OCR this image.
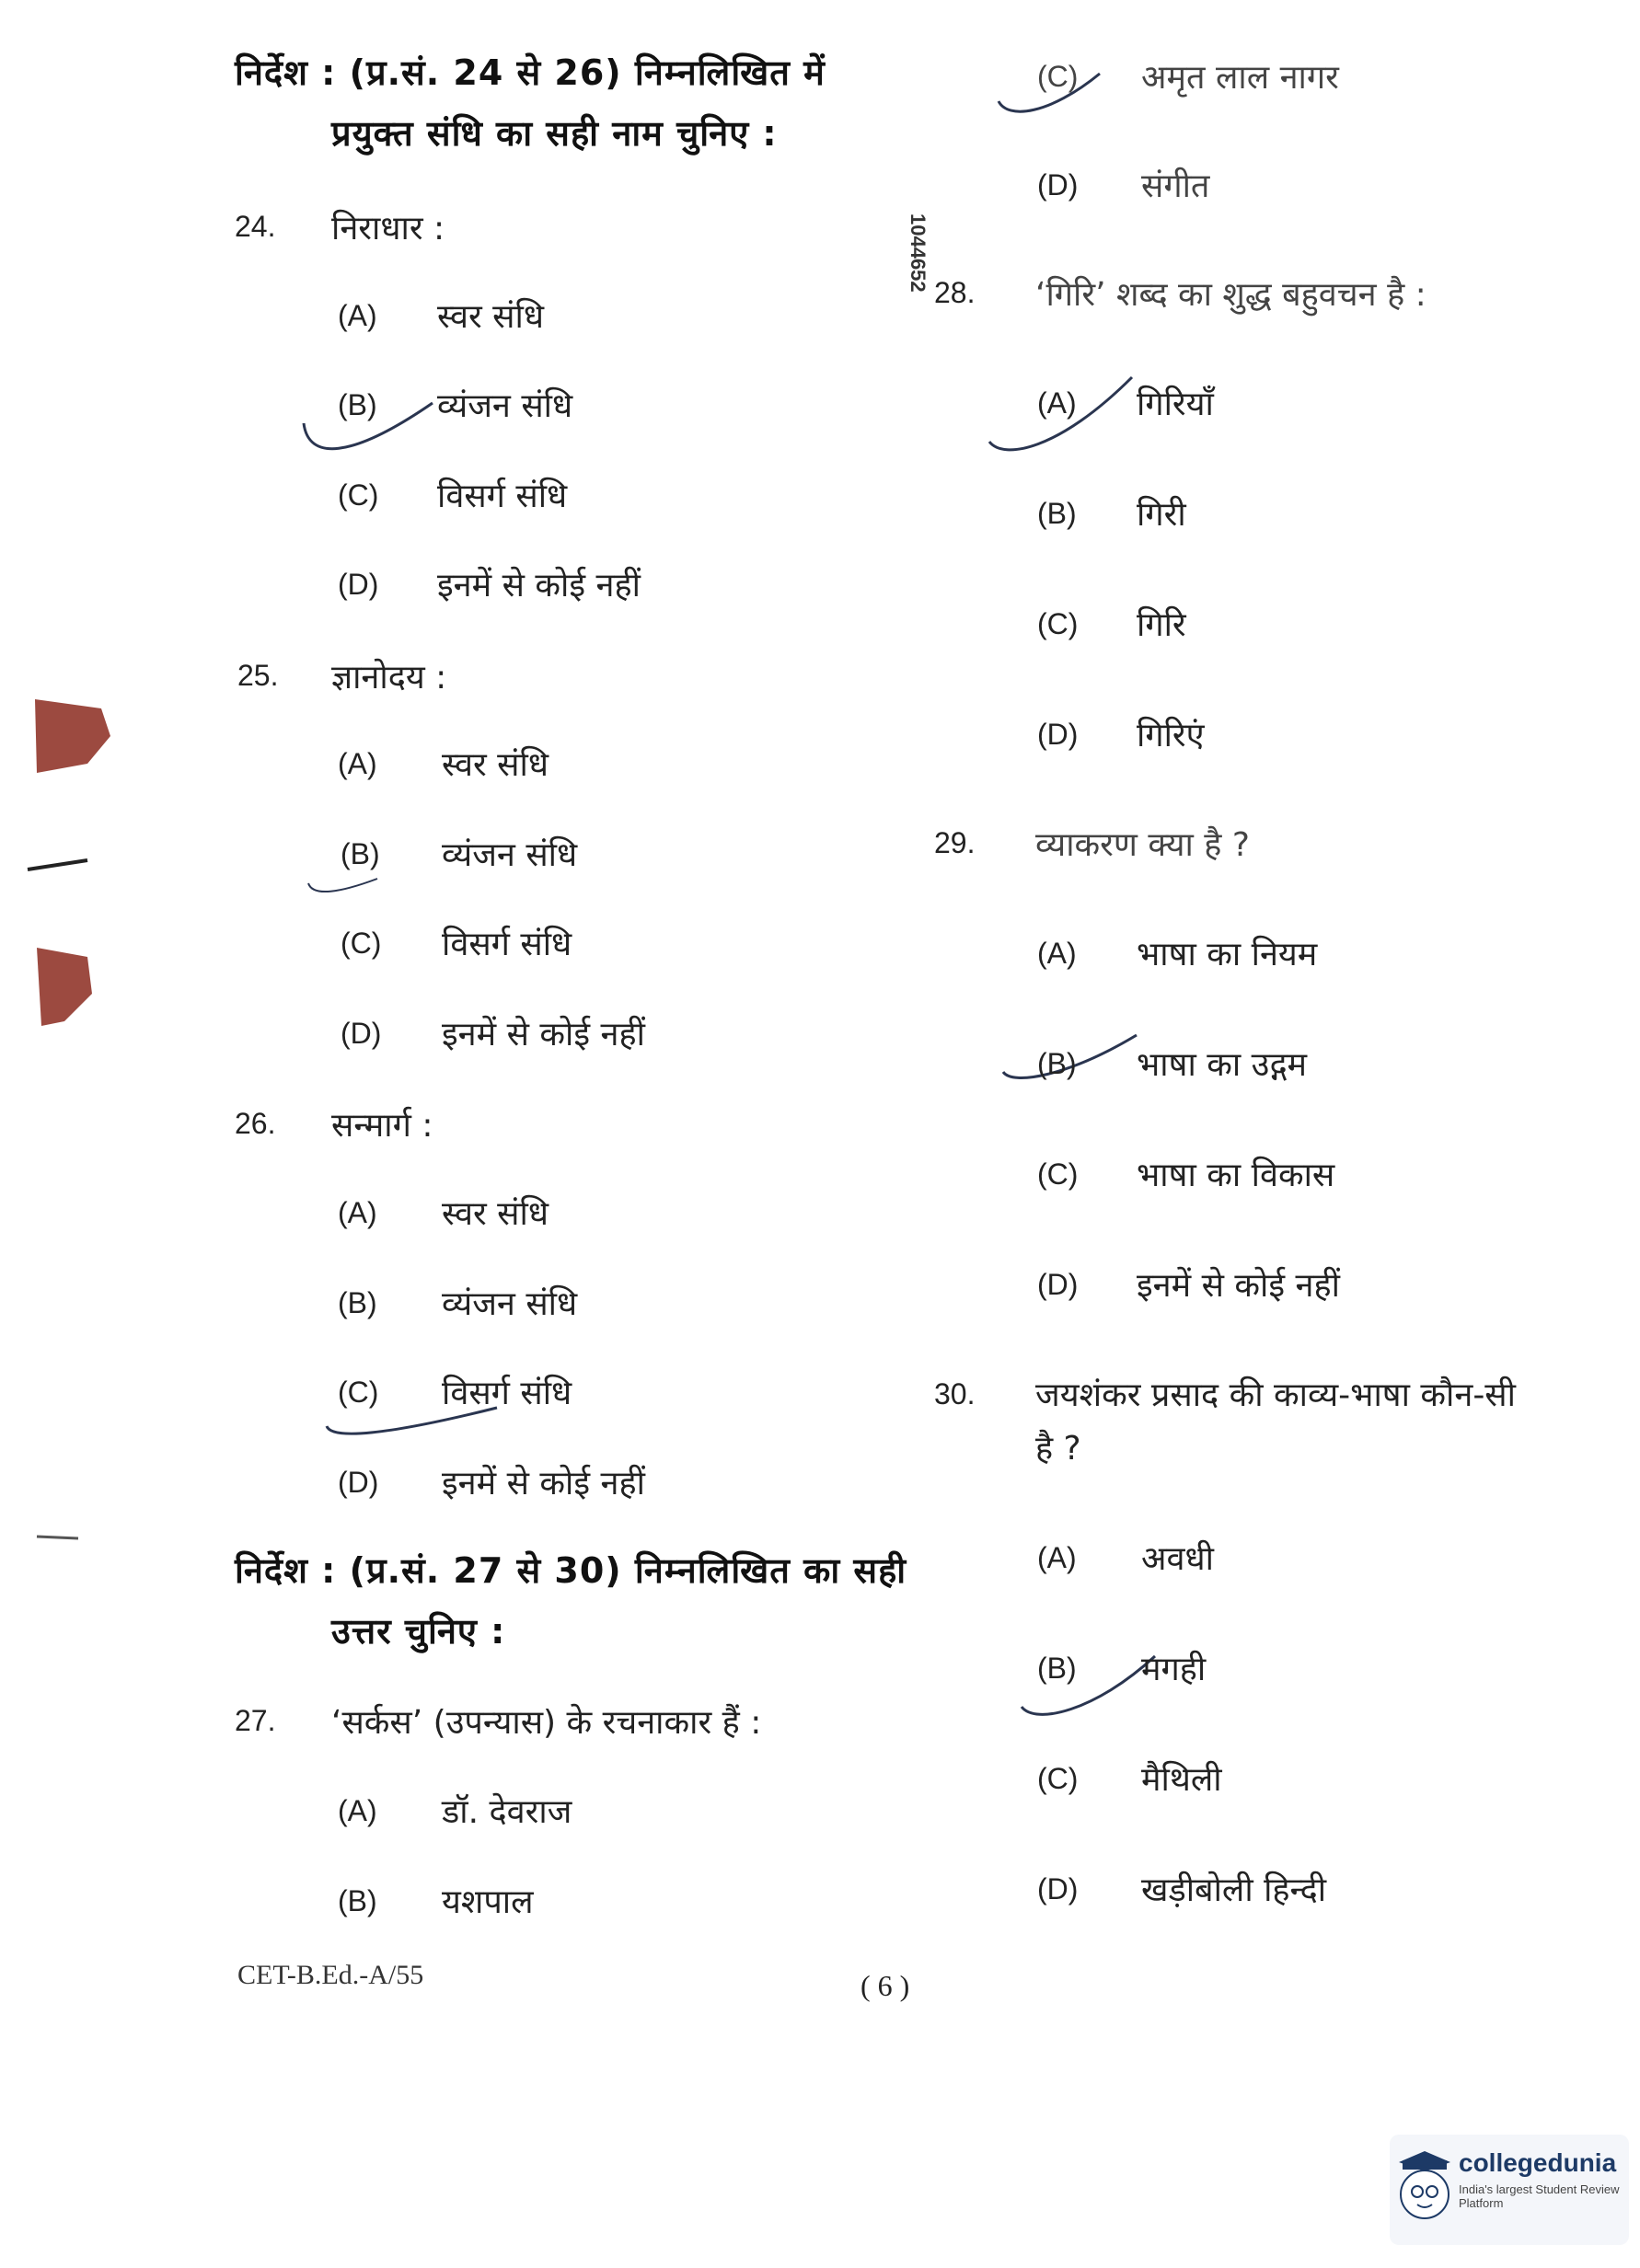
निर्देश : (प्र.सं. 24 से 26) निम्नलिखित में
प्रयुक्त संधि का सही नाम चुनिए :
24. निराधार :
(A) स्वर संधि
(B) व्यंजन संधि
(C) विसर्ग संधि
(D) इनमें से कोई नहीं
25. ज्ञानोदय :
(A) स्वर संधि
(B) व्यंजन संधि
(C) विसर्ग संधि
(D) इनमें से कोई नहीं
26. सन्मार्ग :
(A) स्वर संधि
(B) व्यंजन संधि
(C) विसर्ग संधि
(D) इनमें से कोई नहीं
निर्देश : (प्र.सं. 27 से 30) निम्नलिखित का सही
उत्तर चुनिए :
27. ‘सर्कस’ (उपन्यास) के रचनाकार हैं :
(A) डॉ. देवराज
(B) यशपाल
1044652
(C) अमृत लाल नागर
(D) संगीत
28. ‘गिरि’ शब्द का शुद्ध बहुवचन है :
(A) गिरियाँ
(B) गिरी
(C) गिरि
(D) गिरिएं
29. व्याकरण क्या है ?
(A) भाषा का नियम
(B) भाषा का उद्गम
(C) भाषा का विकास
(D) इनमें से कोई नहीं
30. जयशंकर प्रसाद की काव्य-भाषा कौन-सी
है ?
(A) अवधी
(B) मगही
(C) मैथिली
(D) खड़ीबोली हिन्दी
CET-B.Ed.-A/55	( 6 )
collegedunia
India's largest Student Review Platform
